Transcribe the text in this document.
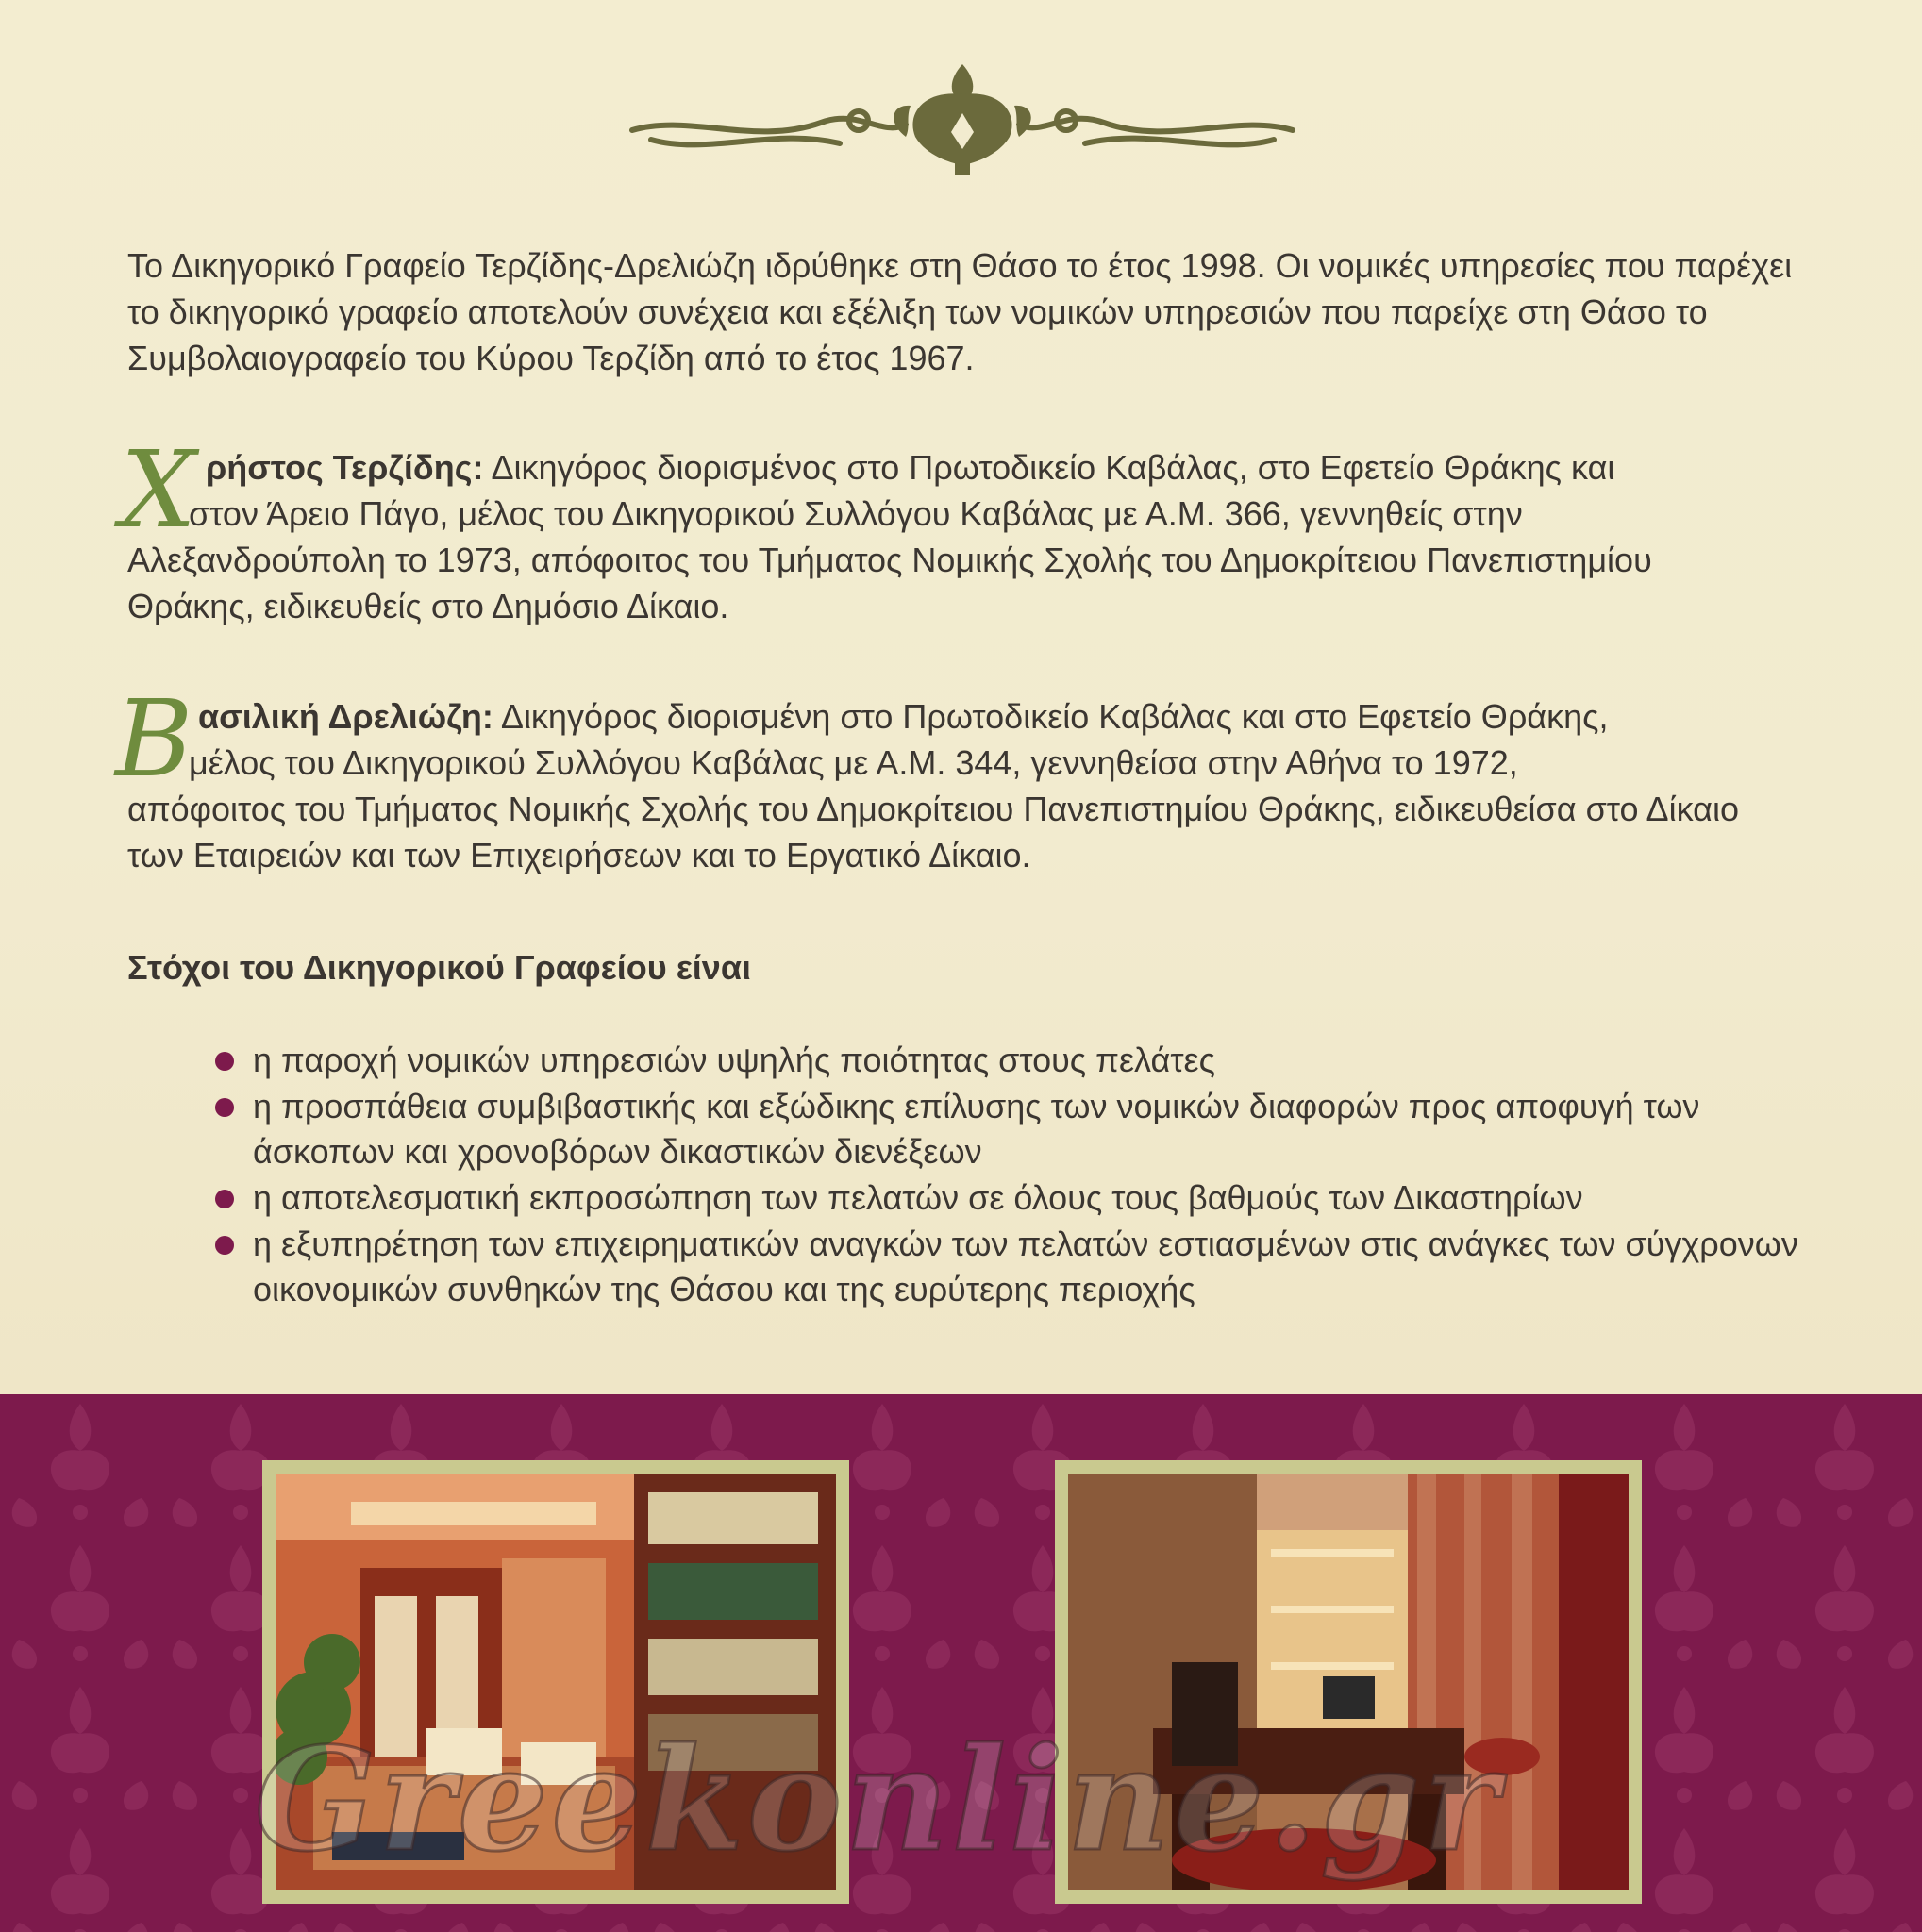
Το Δικηγορικό Γραφείο Τερζίδης-Δρελιώζη ιδρύθηκε στη Θάσο το έτος 1998. Οι νομικές υπηρεσίες που παρέχει το δικηγορικό γραφείο αποτελούν συνέχεια και εξέλιξη των νομικών υπηρεσιών που παρείχε στη Θάσο το Συμβολαιογραφείο του Κύρου Τερζίδη από το έτος 1967.

Χ ρήστος Τερζίδης: Δικηγόρος διορισμένος στο Πρωτοδικείο Καβάλας, στο Εφετείο Θράκης και
στον Άρειο Πάγο, μέλος του Δικηγορικού Συλλόγου Καβάλας με Α.Μ. 366, γεννηθείς στην

Αλεξανδρούπολη το 1973, απόφοιτος του Τμήματος Νομικής Σχολής του Δημοκρίτειου Πανεπιστημίου Θράκης, ειδικευθείς στο Δημόσιο Δίκαιο.

Β ασιλική Δρελιώζη: Δικηγόρος διορισμένη στο Πρωτοδικείο Καβάλας και στο Εφετείο Θράκης,
μέλος του Δικηγορικού Συλλόγου Καβάλας με Α.Μ. 344, γεννηθείσα στην Αθήνα το 1972,

απόφοιτος του Τμήματος Νομικής Σχολής του Δημοκρίτειου Πανεπιστημίου Θράκης, ειδικευθείσα στο Δίκαιο των Εταιρειών και των Επιχειρήσεων και το Εργατικό Δίκαιο.

Στόχοι του Δικηγορικού Γραφείου είναι
η παροχή νομικών υπηρεσιών υψηλής ποιότητας στους πελάτες
η προσπάθεια συμβιβαστικής και εξώδικης επίλυσης των νομικών διαφορών προς αποφυγή των άσκοπων και χρονοβόρων δικαστικών διενέξεων
η αποτελεσματική εκπροσώπηση των πελατών σε όλους τους βαθμούς των Δικαστηρίων
η εξυπηρέτηση των επιχειρηματικών αναγκών των πελατών εστιασμένων στις ανάγκες των σύγχρονων οικονομικών συνθηκών της Θάσου και της ευρύτερης περιοχής
Greekonline.gr
